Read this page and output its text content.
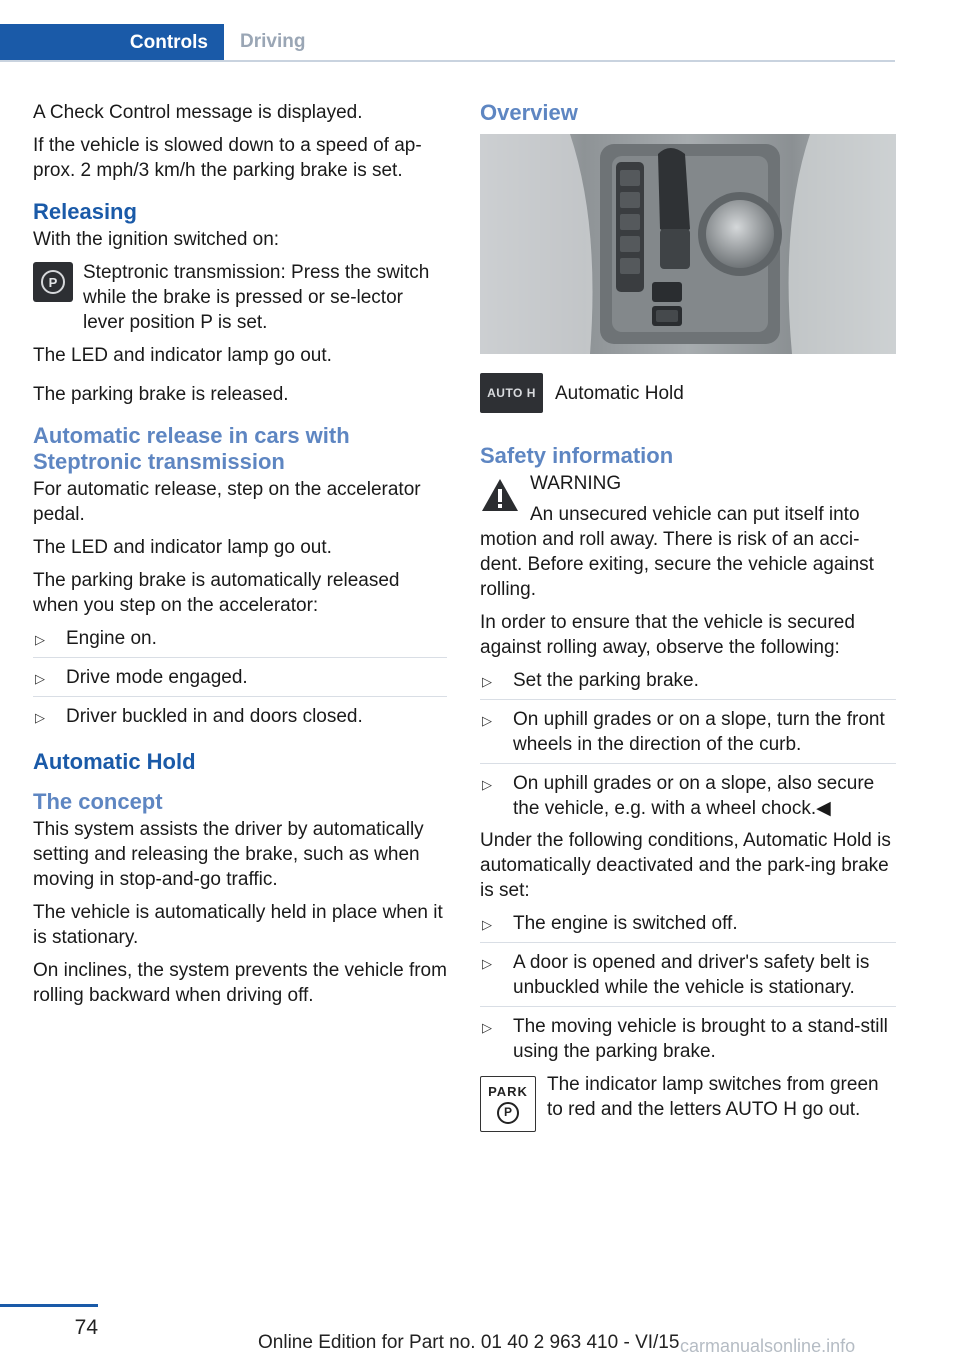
Controls	Driving

A Check Control message is displayed.

If the vehicle is slowed down to a speed of ap‐prox. 2 mph/3 km/h the parking brake is set.

Releasing

With the ignition switched on:

P Steptronic transmission: Press the switch while the brake is pressed or se‐lector lever position P is set.

The LED and indicator lamp go out.

The parking brake is released.

Automatic release in cars with Steptronic transmission

For automatic release, step on the accelerator pedal.

The LED and indicator lamp go out.

The parking brake is automatically released when you step on the accelerator:

▷ Engine on.
▷ Drive mode engaged.
▷ Driver buckled in and doors closed.
Automatic Hold
The concept

This system assists the driver by automatically setting and releasing the brake, such as when moving in stop-and-go traffic.

The vehicle is automatically held in place when it is stationary.

On inclines, the system prevents the vehicle from rolling backward when driving off.

Overview
AUTO H	Automatic Hold
Safety information
WARNING

An unsecured vehicle can put itself into motion and roll away. There is risk of an acci‐dent. Before exiting, secure the vehicle against rolling.

In order to ensure that the vehicle is secured against rolling away, observe the following:

▷ Set the parking brake.
▷ On uphill grades or on a slope, turn the front wheels in the direction of the curb.
▷ On uphill grades or on a slope, also secure the vehicle, e.g. with a wheel chock.◀

Under the following conditions, Automatic Hold is automatically deactivated and the park‐ing brake is set:

▷ The engine is switched off.
▷ A door is opened and driver's safety belt is unbuckled while the vehicle is stationary.
▷ The moving vehicle is brought to a stand‐still using the parking brake.
PARK
P
The indicator lamp switches from green to red and the letters AUTO H go out.
74
Online Edition for Part no. 01 40 2 963 410 - VI/15 carmanualsonline.info
